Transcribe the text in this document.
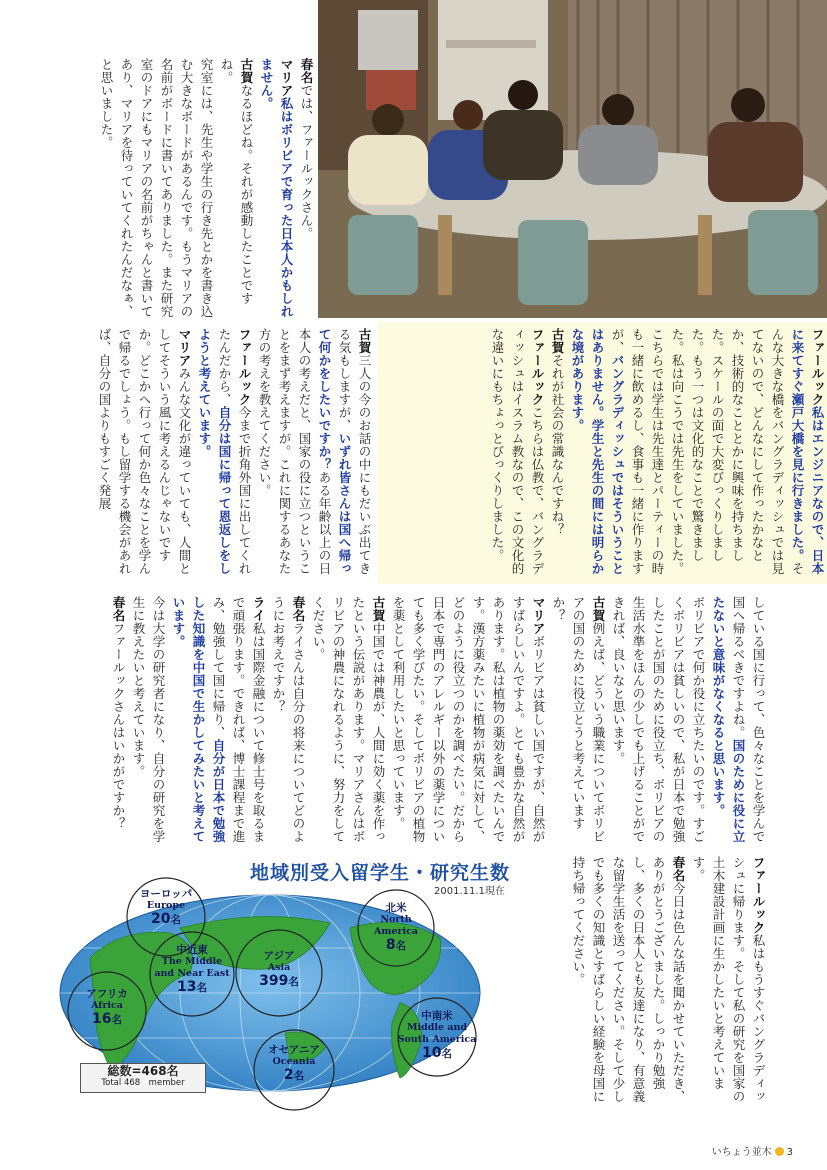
春名では、ファールックさん。

マリア私はボリビアで育った日本人かもしれません。

古賀なるほどね。それが感動したことですね。

究室には、先生や学生の行き先とかを書き込む大きなボードがあるんです。もうマリアの名前がボードに書いてありました。また研究室のドアにもマリアの名前がちゃんと書いてあり、マリアを待っていてくれたんだなぁ、と思いました。

ファールック私はエンジニアなので、日本に来てすぐ瀬戸大橋を見に行きました。そんな大きな橋をバングラディッシュでは見てないので、どんなにして作ったかなとか、技術的なこととかに興味を持ちました。スケールの面で大変びっくりしました。もう一つは文化的なことで驚きました。私は向こうでは先生をしていました。こちらでは学生は先生達とパーティーの時も一緒に飲めるし、食事も一緒に作りますが、バングラディッシュではそういうことはありません。学生と先生の間には明らかな境があります。

古賀それが社会の常識なんですね？

ファールックこちらは仏教で、バングラディッシュはイスラム教なので、この文化的な違いにもちょっとびっくりしました。

古賀三人の今のお話の中にもだいぶ出てきる気もしますが、いずれ皆さんは国へ帰って何かをしたいですか？ある年齢以上の日本人の考えだと、国家の役に立つということをまず考えますが。これに関するあなた方の考えを教えてください。

ファールック今まで折角外国に出してくれたんだから、自分は国に帰って恩返しをしようと考えています。

マリアみんな文化が違っていても、人間としてそういう風に考えるんじゃないですか。どこかへ行って何か色々なことを学んで帰るでしょう。もし留学する機会があれば、自分の国よりもすごく発展

している国に行って、色々なことを学んで国へ帰るべきですよね。国のために役に立たないと意味がなくなると思います。

ボリビアで何か役に立ちたいのです。すごくボリビアは貧しいので、私が日本で勉強したことが国のために役立ち、ボリビアの生活水準をほんの少しでも上げることができれば、良いなと思います。

古賀例えば、どういう職業についてボリビアの国のために役立とうと考えていますか？

マリアボリビアは貧しい国ですが、自然がすばらしいんですよ。とても豊かな自然があります。私は植物の薬効を調べたいんです。漢方薬みたいに植物が病気に対して、どのように役立つのかを調べたい。だから日本で専門のアレルギー以外の薬学についても多く学びたい。そしてボリビアの植物を薬として利用したいと思っています。

古賀中国では神農が、人間に効く薬を作ったという伝説があります。マリアさんはボリビアの神農になれるように、努力をしてください。

春名ライさんは自分の将来についてどのようにお考えですか？

ライ私は国際金融について修士号を取るまで頑張ります。できれば、博士課程まで進み、勉強して国に帰り、自分が日本で勉強した知識を中国で生かしてみたいと考えています。

今は大学の研究者になり、自分の研究を学生に教えたいと考えています。

春名ファールックさんはいかがですか？

ファールック私はもうすぐバングラディッシュに帰ります。そして私の研究を国家の土木建設計画に生かしたいと考えています。

春名今日は色んな話を聞かせていただき、ありがとうございました。しっかり勉強し、多くの日本人とも友達になり、有意義な留学生活を送ってください。そして少しでも多くの知識とすばらしい経験を母国に持ち帰ってください。

地域別受入留学生・研究生数
2001.11.1現在
ヨーロッパ
Europe
20名
中近東
The Middle and Near East
13名
アフリカ
Africa
16名
アジア
Asia
399名
オセアニア
Oceania
2名
北米
North America
8名
中南米
Middle and South America
10名
総数=468名
Total 468　member
いちょう並木 3
